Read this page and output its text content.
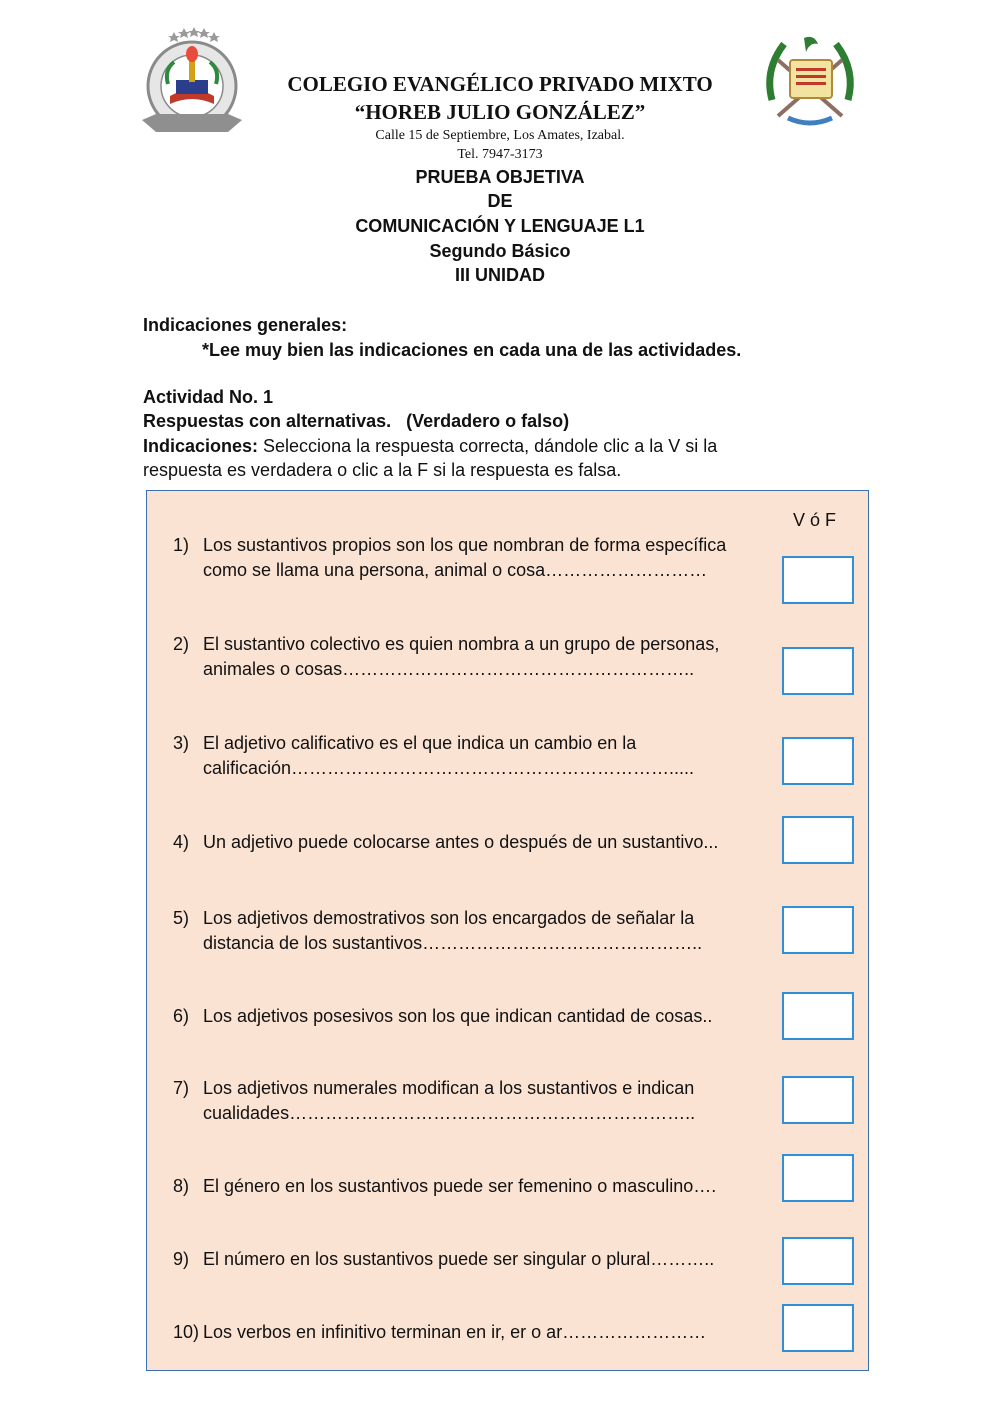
COLEGIO EVANGÉLICO PRIVADO MIXTO
“HOREB JULIO GONZÁLEZ”
Calle 15 de Septiembre, Los Amates, Izabal.
Tel. 7947-3173
PRUEBA OBJETIVA
DE
COMUNICACIÓN Y LENGUAJE L1
Segundo Básico
III UNIDAD
Indicaciones generales:
*Lee muy bien las indicaciones en cada una de las actividades.
Actividad No. 1
Respuestas con alternativas.   (Verdadero o falso)
Indicaciones: Selecciona la respuesta correcta, dándole clic a la V si la
respuesta es verdadera o clic a la F si la respuesta es falsa.
V ó F
1) Los sustantivos propios son los que nombran de forma específica
como se llama una persona, animal o cosa………………………
2) El sustantivo colectivo es quien nombra a un grupo de personas,
animales o cosas…………………………………………………..
3) El adjetivo calificativo es el que indica un cambio en la
calificación……………………………………………………….....
4) Un adjetivo puede colocarse antes o después de un sustantivo...
5) Los adjetivos demostrativos son los encargados de señalar la
distancia de los sustantivos………………………………………..
6) Los adjetivos posesivos son los que indican cantidad de cosas..
7) Los adjetivos numerales modifican a los sustantivos e indican
cualidades…………………………………………………………..
8) El género en los sustantivos puede ser femenino o masculino….
9) El número en los sustantivos puede ser singular o plural………..
10) Los verbos en infinitivo terminan en ir, er o ar……………………
